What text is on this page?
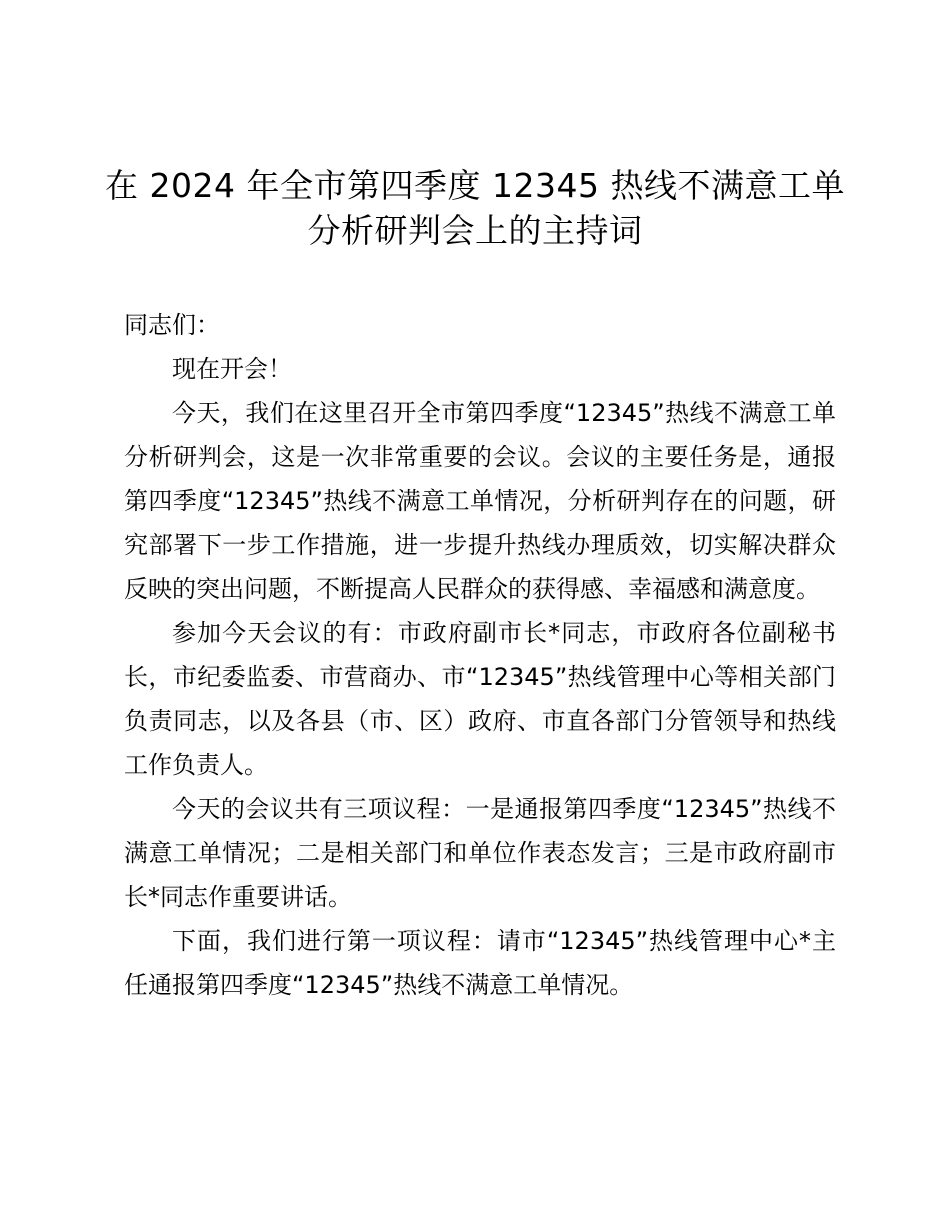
在 2024 年全市第四季度 12345 热线不满意工单
分析研判会上的主持词

同志们：

现在开会！

今天，我们在这里召开全市第四季度“12345”热线不满意工单分析研判会，这是一次非常重要的会议。会议的主要任务是，通报第四季度“12345”热线不满意工单情况，分析研判存在的问题，研究部署下一步工作措施，进一步提升热线办理质效，切实解决群众反映的突出问题，不断提高人民群众的获得感、幸福感和满意度。

参加今天会议的有：市政府副市长*同志，市政府各位副秘书长，市纪委监委、市营商办、市“12345”热线管理中心等相关部门负责同志，以及各县（市、区）政府、市直各部门分管领导和热线工作负责人。

今天的会议共有三项议程：一是通报第四季度“12345”热线不满意工单情况；二是相关部门和单位作表态发言；三是市政府副市长*同志作重要讲话。

下面，我们进行第一项议程：请市“12345”热线管理中心*主任通报第四季度“12345”热线不满意工单情况。
